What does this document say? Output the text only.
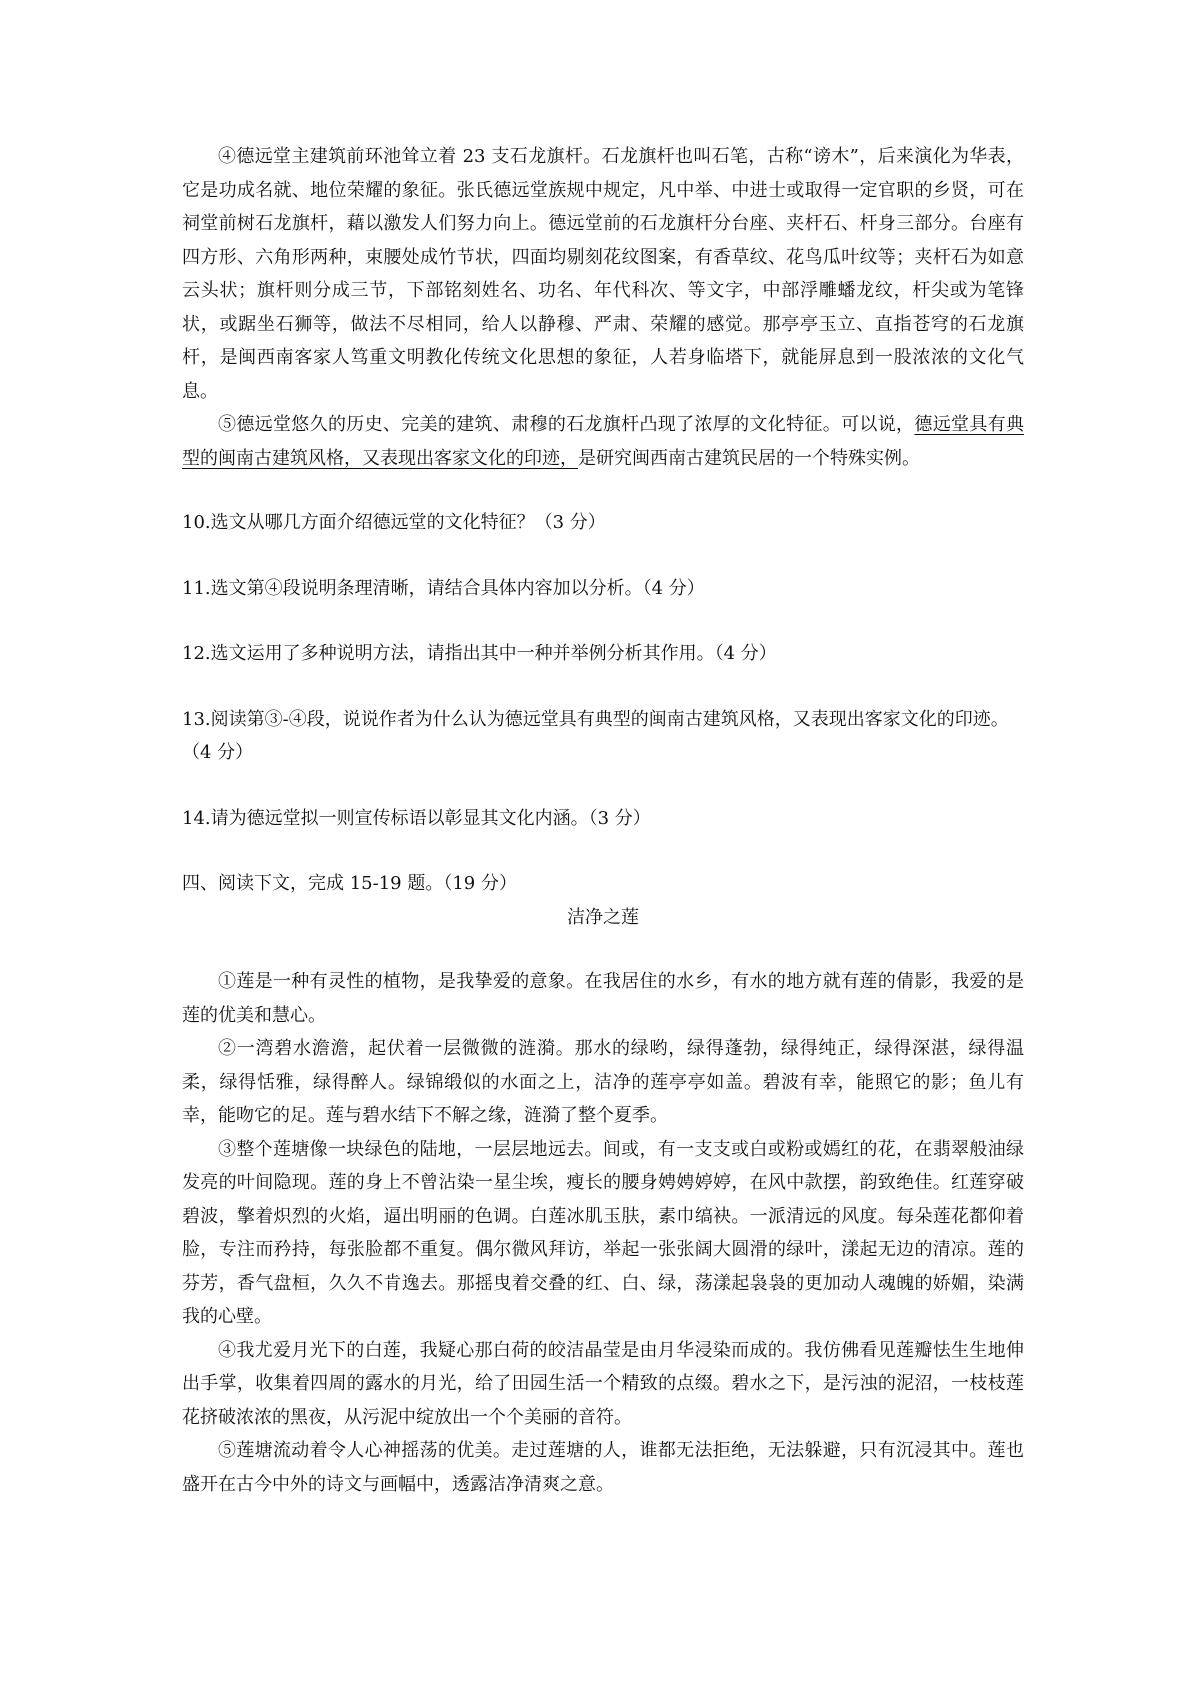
④德远堂主建筑前环池耸立着 23 支石龙旗杆。石龙旗杆也叫石笔，古称“谤木”，后来演化为华表，它是功成名就、地位荣耀的象征。张氏德远堂族规中规定，凡中举、中进士或取得一定官职的乡贤，可在祠堂前树石龙旗杆，藉以激发人们努力向上。德远堂前的石龙旗杆分台座、夹杆石、杆身三部分。台座有四方形、六角形两种，束腰处成竹节状，四面均剔刻花纹图案，有香草纹、花鸟瓜叶纹等；夹杆石为如意云头状；旗杆则分成三节，下部铭刻姓名、功名、年代科次、等文字，中部浮雕蟠龙纹，杆尖或为笔锋状，或踞坐石狮等，做法不尽相同，给人以静穆、严肃、荣耀的感觉。那亭亭玉立、直指苍穹的石龙旗杆，是闽西南客家人笃重文明教化传统文化思想的象征，人若身临塔下，就能屏息到一股浓浓的文化气息。

⑤德远堂悠久的历史、完美的建筑、肃穆的石龙旗杆凸现了浓厚的文化特征。可以说，德远堂具有典型的闽南古建筑风格，又表现出客家文化的印迹，是研究闽西南古建筑民居的一个特殊实例。

10.选文从哪几方面介绍德远堂的文化特征？（3 分）

11.选文第④段说明条理清晰，请结合具体内容加以分析。（4 分）

12.选文运用了多种说明方法，请指出其中一种并举例分析其作用。（4 分）

13.阅读第③-④段，说说作者为什么认为德远堂具有典型的闽南古建筑风格，又表现出客家文化的印迹。（4 分）

14.请为德远堂拟一则宣传标语以彰显其文化内涵。（3 分）

四、阅读下文，完成 15-19 题。（19 分）

洁净之莲

①莲是一种有灵性的植物，是我挚爱的意象。在我居住的水乡，有水的地方就有莲的倩影，我爱的是莲的优美和慧心。

②一湾碧水澹澹，起伏着一层微微的涟漪。那水的绿哟，绿得蓬勃，绿得纯正，绿得深湛，绿得温柔，绿得恬雅，绿得醉人。绿锦缎似的水面之上，洁净的莲亭亭如盖。碧波有幸，能照它的影；鱼儿有幸，能吻它的足。莲与碧水结下不解之缘，涟漪了整个夏季。

③整个莲塘像一块绿色的陆地，一层层地远去。间或，有一支支或白或粉或嫣红的花，在翡翠般油绿发亮的叶间隐现。莲的身上不曾沾染一星尘埃，瘦长的腰身娉娉婷婷，在风中款摆，韵致绝佳。红莲穿破碧波，擎着炽烈的火焰，逼出明丽的色调。白莲冰肌玉肤，素巾缟袂。一派清远的风度。每朵莲花都仰着脸，专注而矜持，每张脸都不重复。偶尔微风拜访，举起一张张阔大圆滑的绿叶，漾起无边的清凉。莲的芬芳，香气盘桓，久久不肯逸去。那摇曳着交叠的红、白、绿，荡漾起袅袅的更加动人魂魄的娇媚，染满我的心壁。

④我尤爱月光下的白莲，我疑心那白荷的皎洁晶莹是由月华浸染而成的。我仿佛看见莲瓣怯生生地伸出手掌，收集着四周的露水的月光，给了田园生活一个精致的点缀。碧水之下，是污浊的泥沼，一枝枝莲花挤破浓浓的黑夜，从污泥中绽放出一个个美丽的音符。

⑤莲塘流动着令人心神摇荡的优美。走过莲塘的人，谁都无法拒绝，无法躲避，只有沉浸其中。莲也盛开在古今中外的诗文与画幅中，透露洁净清爽之意。
